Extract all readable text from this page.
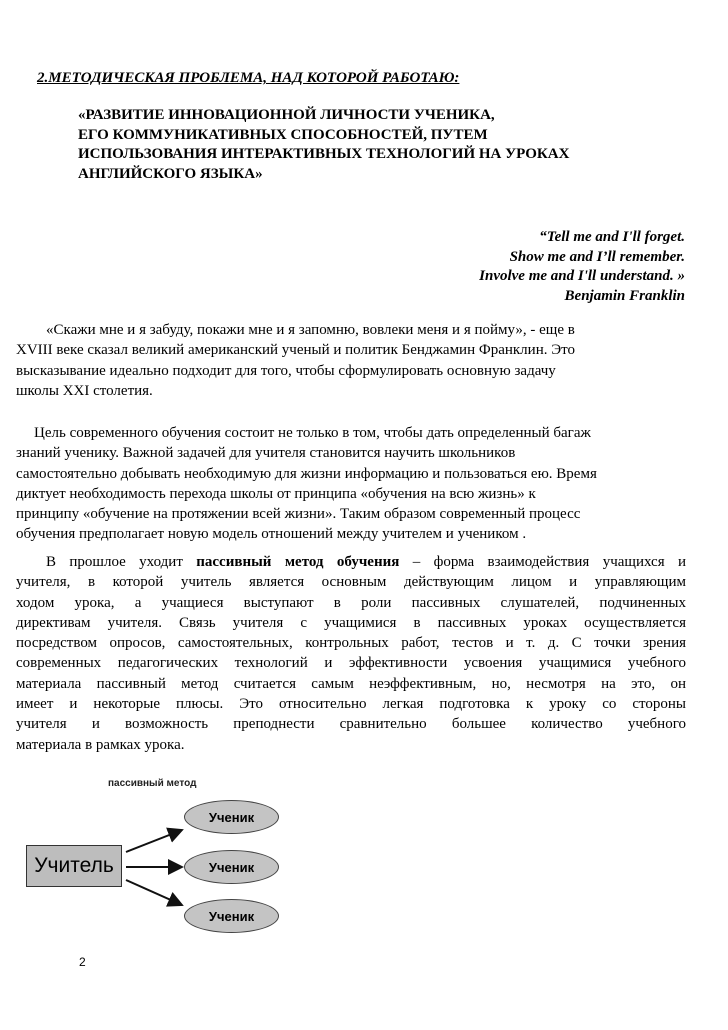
2.МЕТОДИЧЕСКАЯ ПРОБЛЕМА, НАД КОТОРОЙ РАБОТАЮ:
«РАЗВИТИЕ ИННОВАЦИОННОЙ ЛИЧНОСТИ УЧЕНИКА,
ЕГО КОММУНИКАТИВНЫХ СПОСОБНОСТЕЙ, ПУТЕМ
ИСПОЛЬЗОВАНИЯ ИНТЕРАКТИВНЫХ ТЕХНОЛОГИЙ НА УРОКАХ
АНГЛИЙСКОГО ЯЗЫКА»
“Tell me and I'll forget.
Show me and I’ll remember.
Involve me and I'll understand. »
Benjamin Franklin
«Скажи мне и я забуду, покажи мне и я запомню, вовлеки меня и я пойму», - еще в
XVIII веке сказал великий американский ученый и политик Бенджамин Франклин. Это
высказывание идеально подходит для того, чтобы сформулировать основную задачу
школы XXI столетия.
Цель современного обучения состоит не только в том, чтобы дать определенный багаж
знаний ученику. Важной задачей для учителя становится научить школьников
самостоятельно добывать необходимую для жизни информацию и пользоваться ею. Время
диктует необходимость перехода школы от принципа «обучения на всю жизнь» к
принципу «обучение на протяжении всей жизни». Таким образом современный процесс
обучения предполагает новую модель отношений между учителем и учеником .
В прошлое уходит пассивный метод обучения – форма взаимодействия учащихся и
учителя, в которой учитель является основным действующим лицом и управляющим
ходом урока, а учащиеся выступают в роли пассивных слушателей, подчиненных
директивам учителя. Связь учителя с учащимися в пассивных уроках осуществляется
посредством опросов, самостоятельных, контрольных работ, тестов и т. д. С точки зрения
современных педагогических технологий и эффективности усвоения учащимися учебного
материала пассивный метод считается самым неэффективным, но, несмотря на это, он
имеет и некоторые плюсы. Это относительно легкая подготовка к уроку со стороны
учителя и возможность преподнести сравнительно большее количество учебного
материала в рамках урока.
пассивный метод
Учитель
Ученик
Ученик
Ученик
2
